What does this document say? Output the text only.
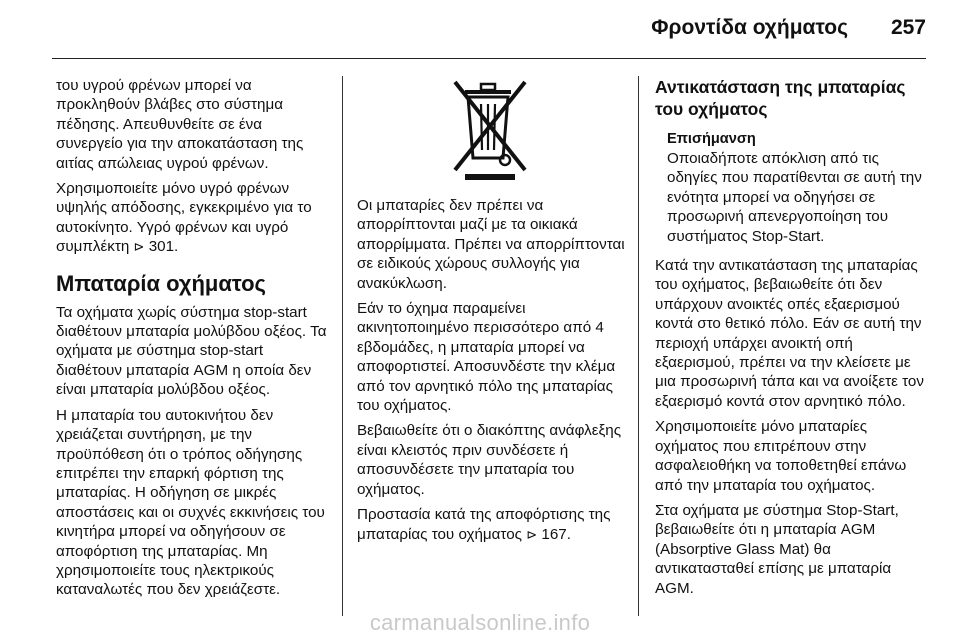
Φροντίδα οχήματος 257

του υγρού φρένων μπορεί να προκληθούν βλάβες στο σύστημα πέδησης. Απευθυνθείτε σε ένα συνεργείο για την αποκατάσταση της αιτίας απώλειας υγρού φρένων.

Χρησιμοποιείτε μόνο υγρό φρένων υψηλής απόδοσης, εγκεκριμένο για το αυτοκίνητο. Υγρό φρένων και υγρό συμπλέκτη ⊳ 301.

Μπαταρία οχήματος

Τα οχήματα χωρίς σύστημα stop-start διαθέτουν μπαταρία μολύβδου οξέος. Τα οχήματα με σύστημα stop-start διαθέτουν μπαταρία AGM η οποία δεν είναι μπαταρία μολύβδου οξέος.

Η μπαταρία του αυτοκινήτου δεν χρειάζεται συντήρηση, με την προϋπόθεση ότι ο τρόπος οδήγησης επιτρέπει την επαρκή φόρτιση της μπαταρίας. Η οδήγηση σε μικρές αποστάσεις και οι συχνές εκκινήσεις του κινητήρα μπορεί να οδηγήσουν σε αποφόρτιση της μπαταρίας. Μη χρησιμοποιείτε τους ηλεκτρικούς καταναλωτές που δεν χρειάζεστε.

Οι μπαταρίες δεν πρέπει να απορρίπτονται μαζί με τα οικιακά απορρίμματα. Πρέπει να απορρίπτονται σε ειδικούς χώρους συλλογής για ανακύκλωση.

Εάν το όχημα παραμείνει ακινητοποιημένο περισσότερο από 4 εβδομάδες, η μπαταρία μπορεί να αποφορτιστεί. Αποσυνδέστε την κλέμα από τον αρνητικό πόλο της μπαταρίας του οχήματος.

Βεβαιωθείτε ότι ο διακόπτης ανάφλεξης είναι κλειστός πριν συνδέσετε ή αποσυνδέσετε την μπαταρία του οχήματος.

Προστασία κατά της αποφόρτισης της μπαταρίας του οχήματος ⊳ 167.

Αντικατάσταση της μπαταρίας του οχήματος
Επισήμανση

Οποιαδήποτε απόκλιση από τις οδηγίες που παρατίθενται σε αυτή την ενότητα μπορεί να οδηγήσει σε προσωρινή απενεργοποίηση του συστήματος Stop-Start.

Κατά την αντικατάσταση της μπαταρίας του οχήματος, βεβαιωθείτε ότι δεν υπάρχουν ανοικτές οπές εξαερισμού κοντά στο θετικό πόλο. Εάν σε αυτή την περιοχή υπάρχει ανοικτή οπή εξαερισμού, πρέπει να την κλείσετε με μια προσωρινή τάπα και να ανοίξετε τον εξαερισμό κοντά στον αρνητικό πόλο.

Χρησιμοποιείτε μόνο μπαταρίες οχήματος που επιτρέπουν στην ασφαλειοθήκη να τοποθετηθεί επάνω από την μπαταρία του οχήματος.

Στα οχήματα με σύστημα Stop-Start, βεβαιωθείτε ότι η μπαταρία AGM (Absorptive Glass Mat) θα αντικατασταθεί επίσης με μπαταρία AGM.

carmanualsonline.info
